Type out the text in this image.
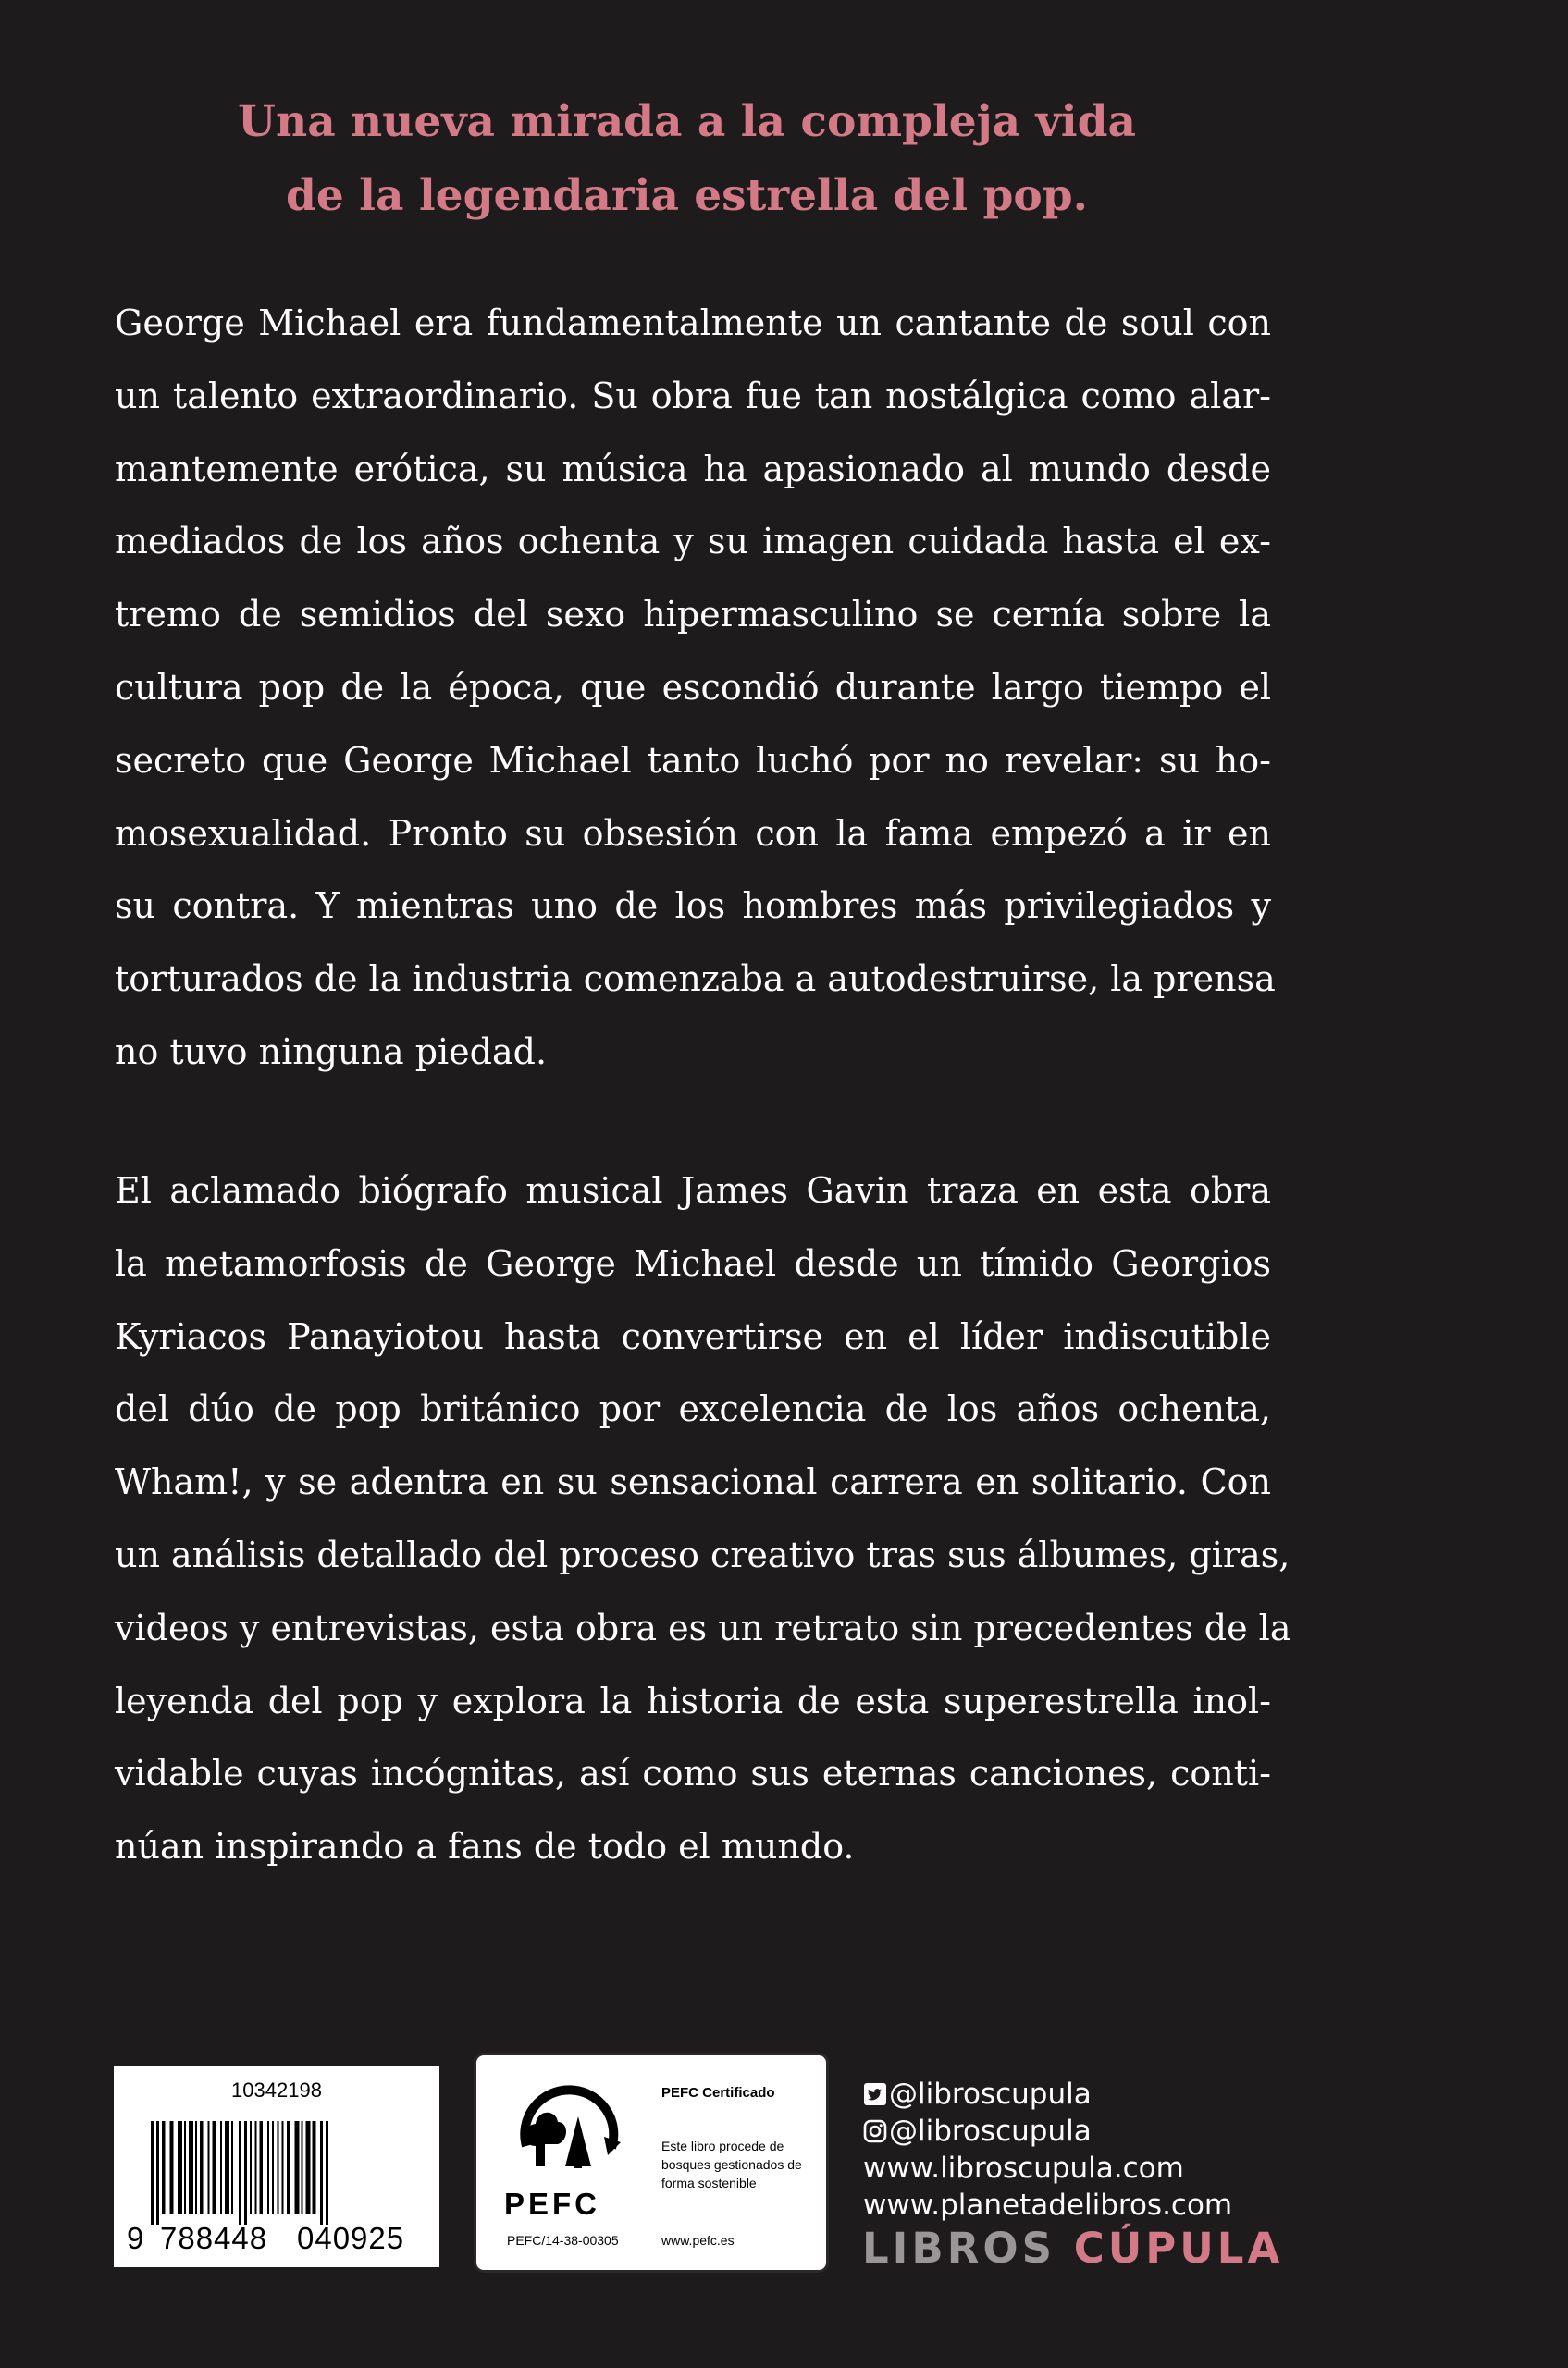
Una nueva mirada a la compleja vida
de la legendaria estrella del pop.
George Michael era fundamentalmente un cantante de soul con
un talento extraordinario. Su obra fue tan nostálgica como alar-
mantemente erótica, su música ha apasionado al mundo desde
mediados de los años ochenta y su imagen cuidada hasta el ex-
tremo de semidios del sexo hipermasculino se cernía sobre la
cultura pop de la época, que escondió durante largo tiempo el
secreto que George Michael tanto luchó por no revelar: su ho-
mosexualidad. Pronto su obsesión con la fama empezó a ir en
su contra. Y mientras uno de los hombres más privilegiados y
torturados de la industria comenzaba a autodestruirse, la prensa
no tuvo ninguna piedad.
El aclamado biógrafo musical James Gavin traza en esta obra
la metamorfosis de George Michael desde un tímido Georgios
Kyriacos Panayiotou hasta convertirse en el líder indiscutible
del dúo de pop británico por excelencia de los años ochenta,
Wham!, y se adentra en su sensacional carrera en solitario. Con
un análisis detallado del proceso creativo tras sus álbumes, giras,
videos y entrevistas, esta obra es un retrato sin precedentes de la
leyenda del pop y explora la historia de esta superestrella inol-
vidable cuyas incógnitas, así como sus eternas canciones, conti-
núan inspirando a fans de todo el mundo.
10342198
9 788448 040925
PEFC
PEFC/14-38-00305
PEFC Certificado
Este libro procede de bosques gestionados de forma sostenible
www.pefc.es
@libroscupula
@libroscupula
www.libroscupula.com
www.planetadelibros.com
LIBROS CÚPULA
